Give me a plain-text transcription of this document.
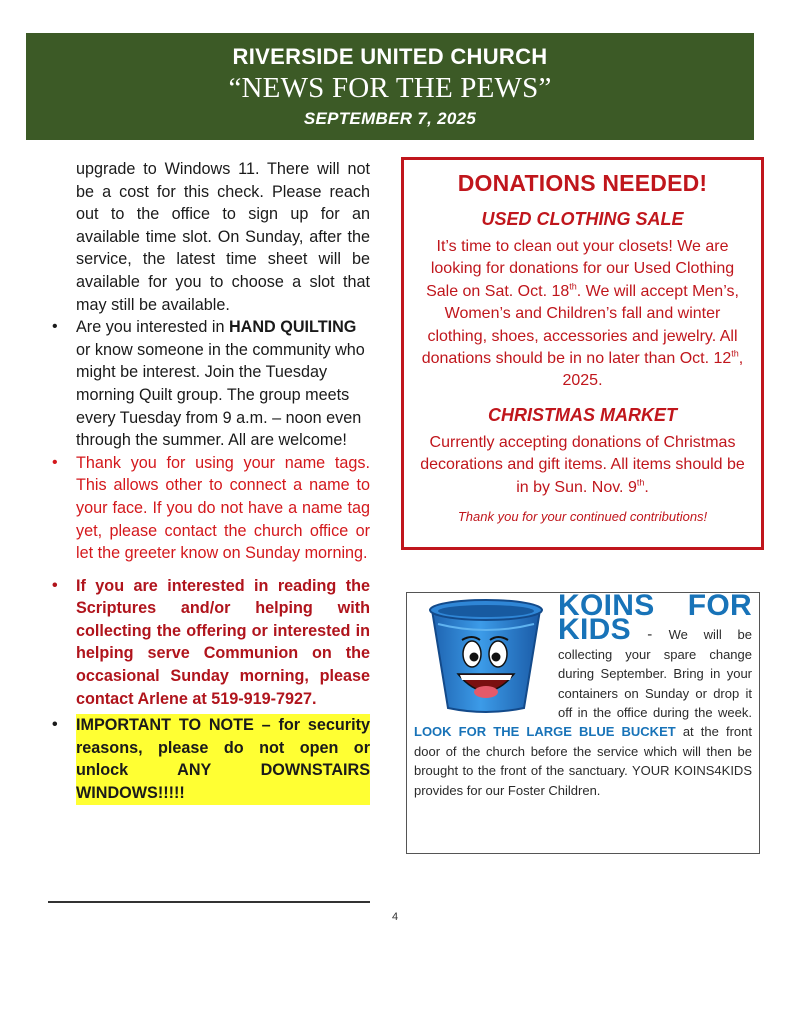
RIVERSIDE UNITED CHURCH
“NEWS FOR THE PEWS”
SEPTEMBER 7, 2025
upgrade to Windows 11. There will not be a cost for this check. Please reach out to the office to sign up for an available time slot. On Sunday, after the service, the latest time sheet will be available for you to choose a slot that may still be available.
• Are you interested in HAND QUILTING or know someone in the community who might be interest. Join the Tuesday morning Quilt group. The group meets every Tuesday from 9 a.m. – noon even through the summer. All are welcome!
• Thank you for using your name tags. This allows other to connect a name to your face. If you do not have a name tag yet, please contact the church office or let the greeter know on Sunday morning.
• If you are interested in reading the Scriptures and/or helping with collecting the offering or interested in helping serve Communion on the occasional Sunday morning, please contact Arlene at 519-919-7927.
• IMPORTANT TO NOTE – for security reasons, please do not open or unlock ANY DOWNSTAIRS WINDOWS!!!!!
4
DONATIONS NEEDED!
USED CLOTHING SALE
It’s time to clean out your closets! We are looking for donations for our Used Clothing Sale on Sat. Oct. 18th. We will accept Men’s, Women’s and Children’s fall and winter clothing, shoes, accessories and jewelry. All donations should be in no later than Oct. 12th, 2025.
CHRISTMAS MARKET
Currently accepting donations of Christmas decorations and gift items. All items should be in by Sun. Nov. 9th.
Thank you for your continued contributions!
KOINS FOR KIDS - We will be collecting your spare change during September. Bring in your containers on Sunday or drop it off in the office during the week. LOOK FOR THE LARGE BLUE BUCKET at the front door of the church before the service which will then be brought to the front of the sanctuary. YOUR KOINS4KIDS provides for our Foster Children.
